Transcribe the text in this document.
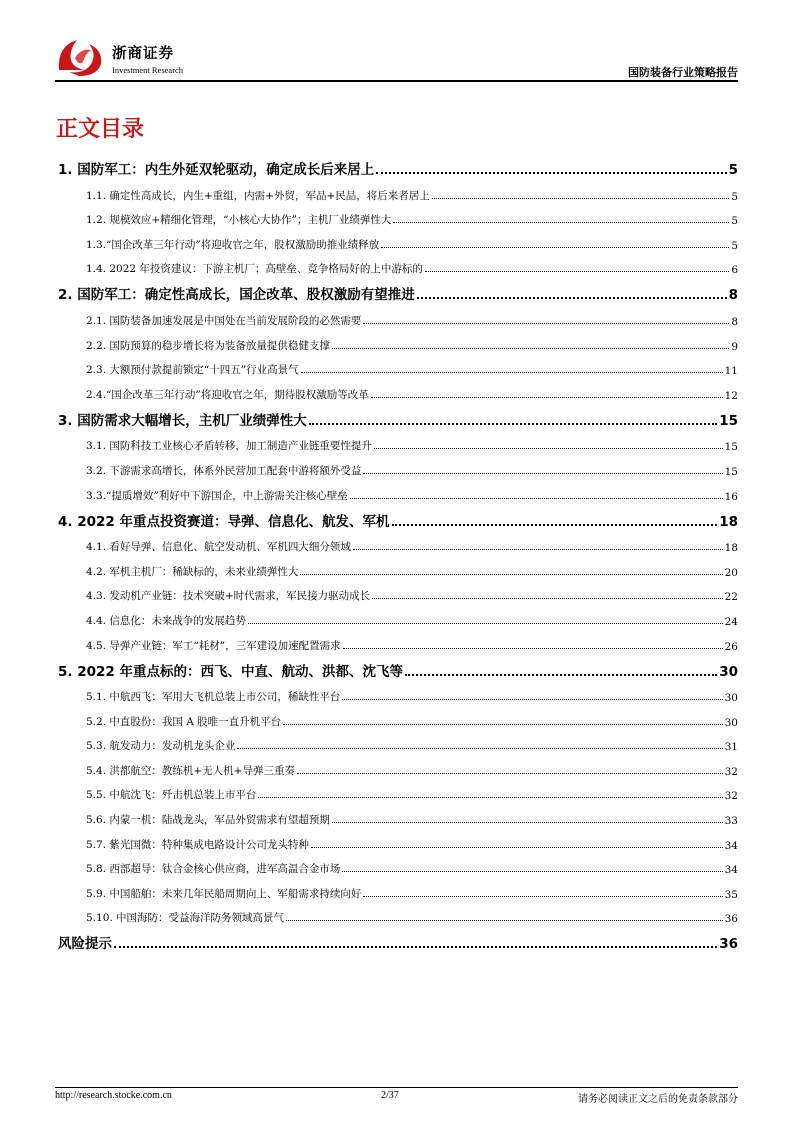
浙商证券
Investment Research	国防装备行业策略报告
正文目录
1. 国防军工：内生外延双轮驱动，确定成长后来居上	5
1.1. 确定性高成长，内生+重组，内需+外贸，军品+民品，将后来者居上	5
1.2. 规模效应+精细化管理，“小核心大协作”；主机厂业绩弹性大	5
1.3.“国企改革三年行动”将迎收官之年，股权激励助推业绩释放	5
1.4. 2022 年投资建议：下游主机厂；高壁垒、竞争格局好的上中游标的	6
2. 国防军工：确定性高成长，国企改革、股权激励有望推进	8
2.1. 国防装备加速发展是中国处在当前发展阶段的必然需要	8
2.2. 国防预算的稳步增长将为装备放量提供稳健支撑	9
2.3. 大额预付款提前锁定“十四五”行业高景气	11
2.4.“国企改革三年行动”将迎收官之年，期待股权激励等改革	12
3. 国防需求大幅增长，主机厂业绩弹性大	15
3.1. 国防科技工业核心矛盾转移，加工制造产业链重要性提升	15
3.2. 下游需求高增长，体系外民营加工配套中游将额外受益	15
3.3.“提质增效”利好中下游国企，中上游需关注核心壁垒	16
4. 2022 年重点投资赛道：导弹、信息化、航发、军机	18
4.1. 看好导弹、信息化、航空发动机、军机四大细分领域	18
4.2. 军机主机厂：稀缺标的，未来业绩弹性大	20
4.3. 发动机产业链：技术突破+时代需求，军民接力驱动成长	22
4.4. 信息化：未来战争的发展趋势	24
4.5. 导弹产业链：军工“耗材”，三军建设加速配置需求	26
5. 2022 年重点标的：西飞、中直、航动、洪都、沈飞等	30
5.1. 中航西飞：军用大飞机总装上市公司，稀缺性平台	30
5.2. 中直股份：我国 A 股唯一直升机平台	30
5.3. 航发动力：发动机龙头企业	31
5.4. 洪都航空：教练机+无人机+导弹三重奏	32
5.5. 中航沈飞：歼击机总装上市平台	32
5.6. 内蒙一机：陆战龙头，军品外贸需求有望超预期	33
5.7. 紫光国微：特种集成电路设计公司龙头特种	34
5.8. 西部超导：钛合金核心供应商，进军高温合金市场	34
5.9. 中国船舶：未来几年民船周期向上、军船需求持续向好	35
5.10. 中国海防：受益海洋防务领域高景气	36
风险提示	36
http://research.stocke.com.cn	2/37	请务必阅读正文之后的免责条款部分
